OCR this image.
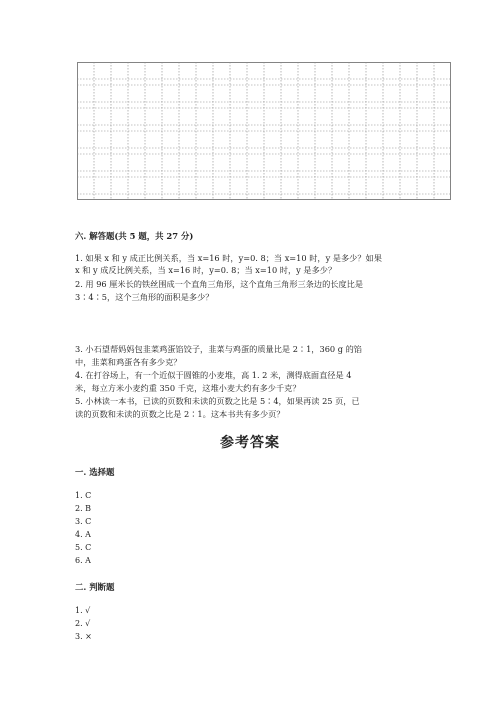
六. 解答题(共 5 题，共 27 分)
1. 如果 x 和 y 成正比例关系，当 x=16 时，y=0. 8；当 x=10 时，y 是多少？如果
x 和 y 成反比例关系，当 x=16 时，y=0. 8；当 x=10 时，y 是多少？
2. 用 96 厘米长的铁丝围成一个直角三角形，这个直角三角形三条边的长度比是
3∶4∶5，这个三角形的面积是多少？
3. 小石望帮妈妈包韭菜鸡蛋馅饺子，韭菜与鸡蛋的质量比是 2∶1，360 g 的馅
中，韭菜和鸡蛋各有多少克？
4. 在打谷场上，有一个近似于圆锥的小麦堆，高 1. 2 米，测得底面直径是 4
米，每立方米小麦约重 350 千克，这堆小麦大约有多少千克？
5. 小林读一本书，已读的页数和未读的页数之比是 5∶4，如果再读 25 页，已
读的页数和未读的页数之比是 2∶1。这本书共有多少页？
参考答案
一. 选择题
1. C
2. B
3. C
4. A
5. C
6. A
二. 判断题
1. √
2. √
3. ×
